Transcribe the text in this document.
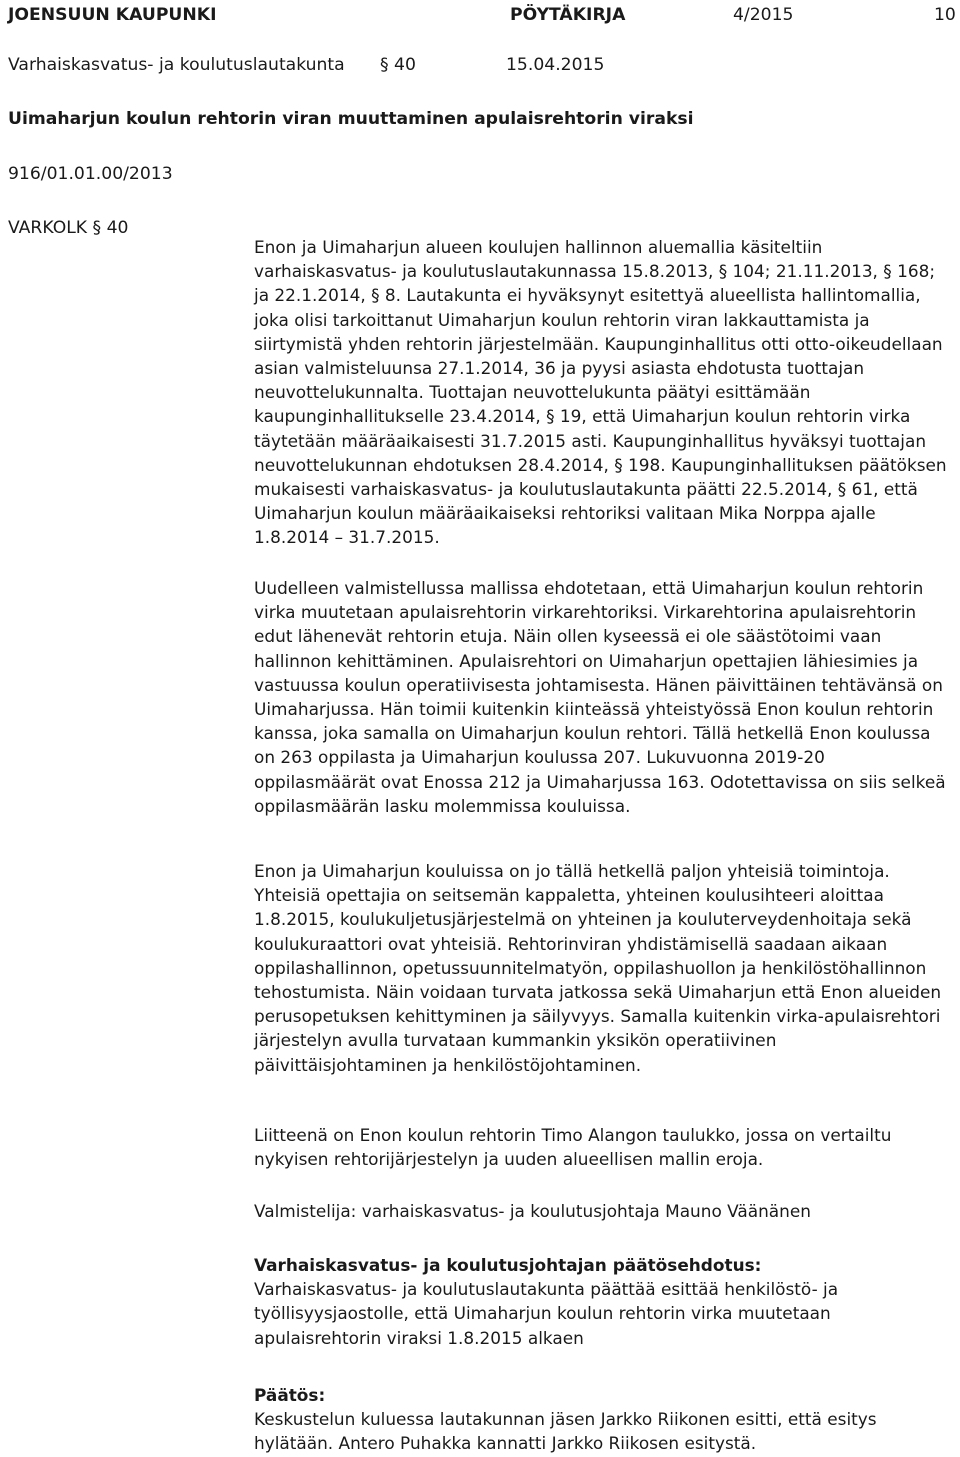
JOENSUUN KAUPUNKI	PÖYTÄKIRJA	4/2015	10
Varhaiskasvatus- ja koulutuslautakunta § 40	15.04.2015
Uimaharjun koulun rehtorin viran muuttaminen apulaisrehtorin viraksi
916/01.01.00/2013
VARKOLK § 40

Enon ja Uimaharjun alueen koulujen hallinnon aluemallia käsiteltiin varhaiskasvatus- ja koulutuslautakunnassa 15.8.2013, § 104; 21.11.2013, § 168; ja 22.1.2014, § 8. Lautakunta ei hyväksynyt esitettyä alueellista hallintomallia, joka olisi tarkoittanut Uimaharjun koulun rehtorin viran lakkauttamista ja siirtymistä yhden rehtorin järjestelmään. Kaupunginhallitus otti otto-oikeudellaan asian valmisteluunsa 27.1.2014, 36 ja pyysi asiasta ehdotusta tuottajan neuvottelukunnalta. Tuottajan neuvottelukunta päätyi esittämään kaupunginhallitukselle 23.4.2014, § 19, että Uimaharjun koulun rehtorin virka täytetään määräaikaisesti 31.7.2015 asti. Kaupunginhallitus hyväksyi tuottajan neuvottelukunnan ehdotuksen 28.4.2014, § 198. Kaupunginhallituksen päätöksen mukaisesti varhaiskasvatus- ja koulutuslautakunta päätti 22.5.2014, § 61, että Uimaharjun koulun määräaikaiseksi rehtoriksi valitaan Mika Norppa ajalle 1.8.2014 – 31.7.2015.

Uudelleen valmistellussa mallissa ehdotetaan, että Uimaharjun koulun rehtorin virka muutetaan apulaisrehtorin virkarehtoriksi. Virkarehtorina apulaisrehtorin edut lähenevät rehtorin etuja. Näin ollen kyseessä ei ole säästötoimi vaan hallinnon kehittäminen. Apulaisrehtori on Uimaharjun opettajien lähiesimies ja vastuussa koulun operatiivisesta johtamisesta. Hänen päivittäinen tehtävänsä on Uimaharjussa. Hän toimii kuitenkin kiinteässä yhteistyössä Enon koulun rehtorin kanssa, joka samalla on Uimaharjun koulun rehtori. Tällä hetkellä Enon koulussa on 263 oppilasta ja Uimaharjun koulussa 207. Lukuvuonna 2019-20 oppilasmäärät ovat Enossa 212 ja Uimaharjussa 163. Odotettavissa on siis selkeä oppilasmäärän lasku molemmissa kouluissa.

Enon ja Uimaharjun kouluissa on jo tällä hetkellä paljon yhteisiä toimintoja. Yhteisiä opettajia on seitsemän kappaletta, yhteinen koulusihteeri aloittaa 1.8.2015, koulukuljetusjärjestelmä on yhteinen ja kouluterveydenhoitaja sekä koulukuraattori ovat yhteisiä. Rehtorinviran yhdistämisellä saadaan aikaan oppilashallinnon, opetussuunnitelmatyön, oppilashuollon ja henkilöstöhallinnon tehostumista. Näin voidaan turvata jatkossa sekä Uimaharjun että Enon alueiden perusopetuksen kehittyminen ja säilyvyys. Samalla kuitenkin virka-apulaisrehtori järjestelyn avulla turvataan kummankin yksikön operatiivinen päivittäisjohtaminen ja henkilöstöjohtaminen.

Liitteenä on Enon koulun rehtorin Timo Alangon taulukko, jossa on vertailtu nykyisen rehtorijärjestelyn ja uuden alueellisen mallin eroja.

Valmistelija: varhaiskasvatus- ja koulutusjohtaja Mauno Väänänen

Varhaiskasvatus- ja koulutusjohtajan päätösehdotus:

Varhaiskasvatus- ja koulutuslautakunta päättää esittää henkilöstö- ja työllisyysjaostolle, että Uimaharjun koulun rehtorin virka muutetaan apulaisrehtorin viraksi 1.8.2015 alkaen

Päätös:

Keskustelun kuluessa lautakunnan jäsen Jarkko Riikonen esitti, että esitys hylätään. Antero Puhakka kannatti Jarkko Riikosen esitystä.
